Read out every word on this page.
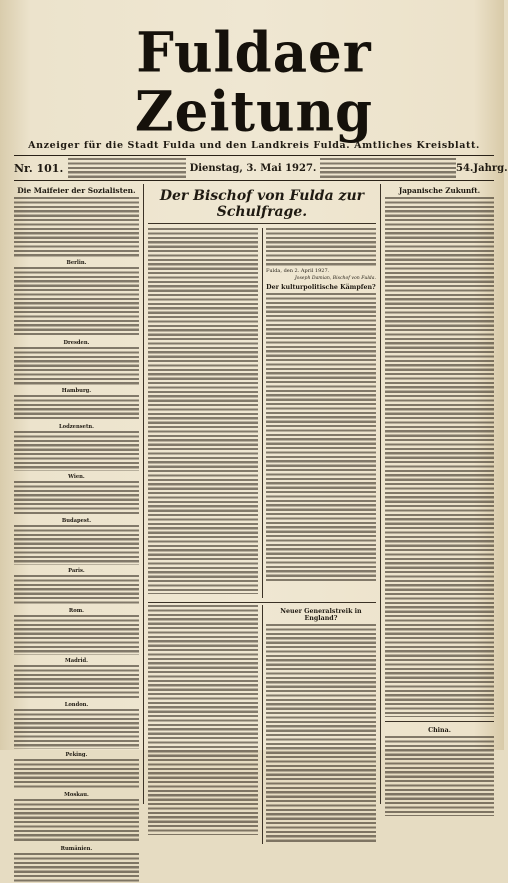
Fuldaer Zeitung
Anzeiger für die Stadt Fulda und den Landkreis Fulda. Amtliches Kreisblatt.
Nr. 101.	Dienstag, 3. Mai 1927.	54.Jahrg.
Die Maifeier der Sozialisten.
Berlin.
Dresden.
Hamburg.
Lodzensetn.
Wien.
Budapest.
Paris.
Rom.
Madrid.
London.
Peking.
Moskau.
Rumänien.
Der Bischof von Fulda zur Schulfrage.
Fulda, den 2. April 1927.
Joseph Damian, Bischof von Fulda.
Der kulturpolitische Kämpfen?
Neuer Generalstreik in England?
Japanische Zukunft.
China.
